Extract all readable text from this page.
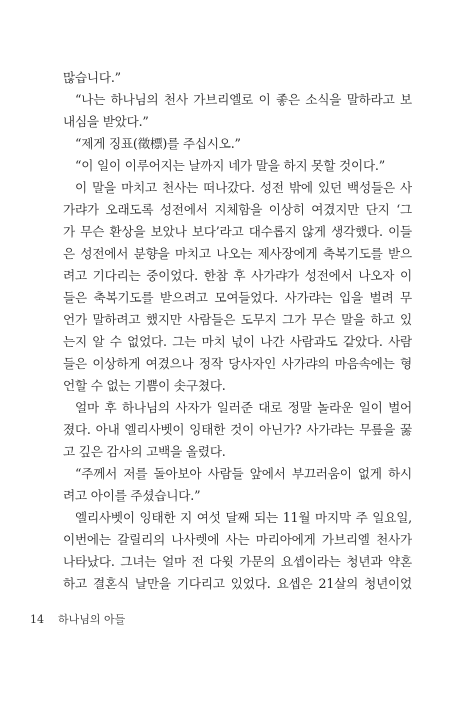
많습니다.”
“나는 하나님의 천사 가브리엘로 이 좋은 소식을 말하라고 보
내심을 받았다.”
“제게 징표(徵標)를 주십시오.”
“이 일이 이루어지는 날까지 네가 말을 하지 못할 것이다.”
이 말을 마치고 천사는 떠나갔다. 성전 밖에 있던 백성들은 사
가랴가 오래도록 성전에서 지체함을 이상히 여겼지만 단지 ‘그
가 무슨 환상을 보았나 보다’라고 대수롭지 않게 생각했다. 이들
은 성전에서 분향을 마치고 나오는 제사장에게 축복기도를 받으
려고 기다리는 중이었다. 한참 후 사가랴가 성전에서 나오자 이
들은 축복기도를 받으려고 모여들었다. 사가랴는 입을 벌려 무
언가 말하려고 했지만 사람들은 도무지 그가 무슨 말을 하고 있
는지 알 수 없었다. 그는 마치 넋이 나간 사람과도 같았다. 사람
들은 이상하게 여겼으나 정작 당사자인 사가랴의 마음속에는 형
언할 수 없는 기쁨이 솟구쳤다.
얼마 후 하나님의 사자가 일러준 대로 정말 놀라운 일이 벌어
졌다. 아내 엘리사벳이 잉태한 것이 아닌가? 사가랴는 무릎을 꿇
고 깊은 감사의 고백을 올렸다.
“주께서 저를 돌아보아 사람들 앞에서 부끄러움이 없게 하시
려고 아이를 주셨습니다.”
엘리사벳이 잉태한 지 여섯 달째 되는 11월 마지막 주 일요일,
이번에는 갈릴리의 나사렛에 사는 마리아에게 가브리엘 천사가
나타났다. 그녀는 얼마 전 다윗 가문의 요셉이라는 청년과 약혼
하고 결혼식 날만을 기다리고 있었다. 요셉은 21살의 청년이었
14 하나님의 아들
